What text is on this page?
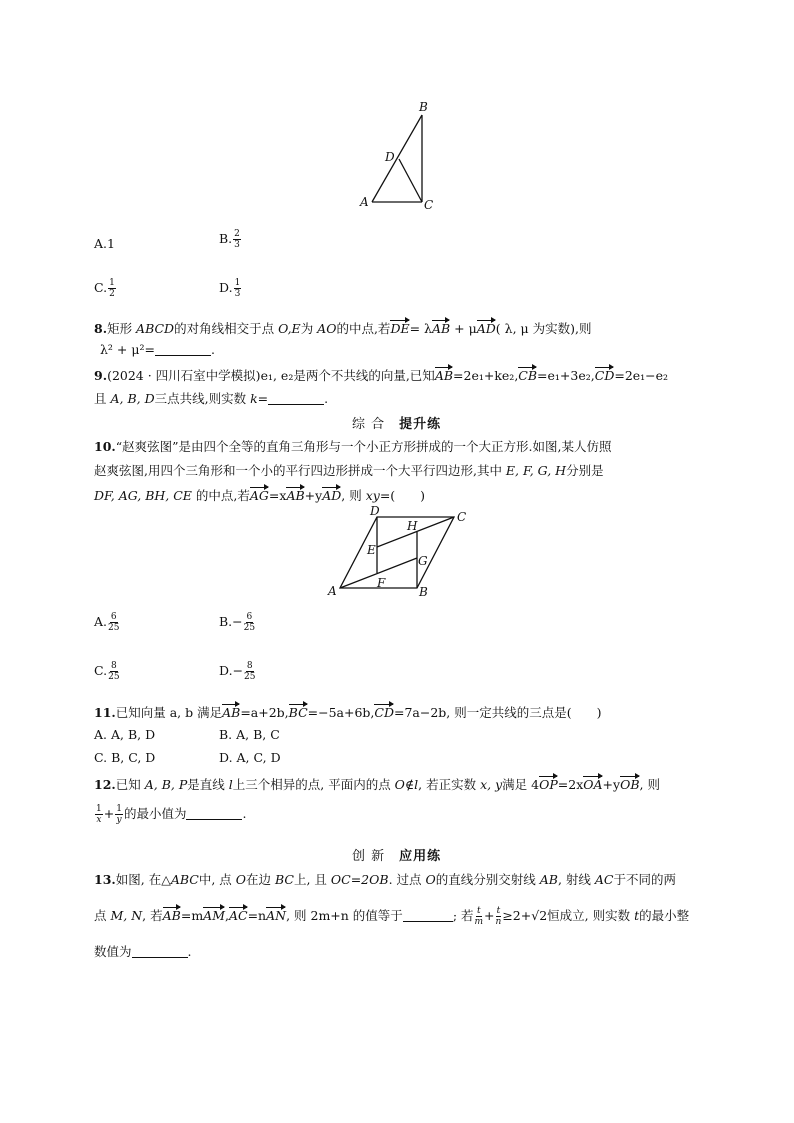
B
D
A	C
A.1	B. $\frac{2}{3}$
C. $\frac{1}{2}$	D. $\frac{1}{3}$
8.矩形 ABCD的对角线相交于点 O,E为 AO的中点,若DE= λAB + μAD( λ, μ 为实数),则
λ² + μ²=	.
9.(2024 · 四川石室中学模拟)e₁, e₂是两个不共线的向量,已知AB=2e₁+ke₂,CB=e₁+3e₂,CD=2e₁−e₂
且 A, B, D三点共线,则实数 k=	.
综 合　 提升练
10.“赵爽弦图”是由四个全等的直角三角形与一个小正方形拼成的一个大正方形.如图,某人仿照
赵爽弦图,用四个三角形和一个小的平行四边形拼成一个大平行四边形,其中 E, F, G, H分别是
DF, AG, BH, CE 的中点,若AG=xAB+yAD, 则 xy=(　　)
D	C
H
E
G
F
A	B
A. $\frac{6}{25}$	$B.- \frac{6}{25}$
C. $\frac{8}{25}$	$D.- \frac{8}{25}$
11.已知向量 a, b 满足AB=a+2b,BC=−5a+6b,CD=7a−2b, 则一定共线的三点是(　　)
A. A, B, D	B. A, B, C
C. B, C, D	D. A, C, D
12.已知 A, B, P是直线 l上三个相异的点, 平面内的点 O∉l, 若正实数 x, y满足 4OP=2xOA+yOB, 则
$\frac{1}{x} + \frac{1}{y}$ 的最小值为	.
创 新　 应用练
13.如图, 在△ABC中, 点 O在边 BC上, 且 OC=2OB. 过点 O的直线分别交射线 AB, 射线 AC于不同的两
点 M, N, 若AB=mAM,AC=nAN, 则 2m+n 的值等于	; 若 $\frac{t}{m} + \frac{t}{n} \ge 2+√2$恒成立, 则实数 t的最小整
数值为	.
